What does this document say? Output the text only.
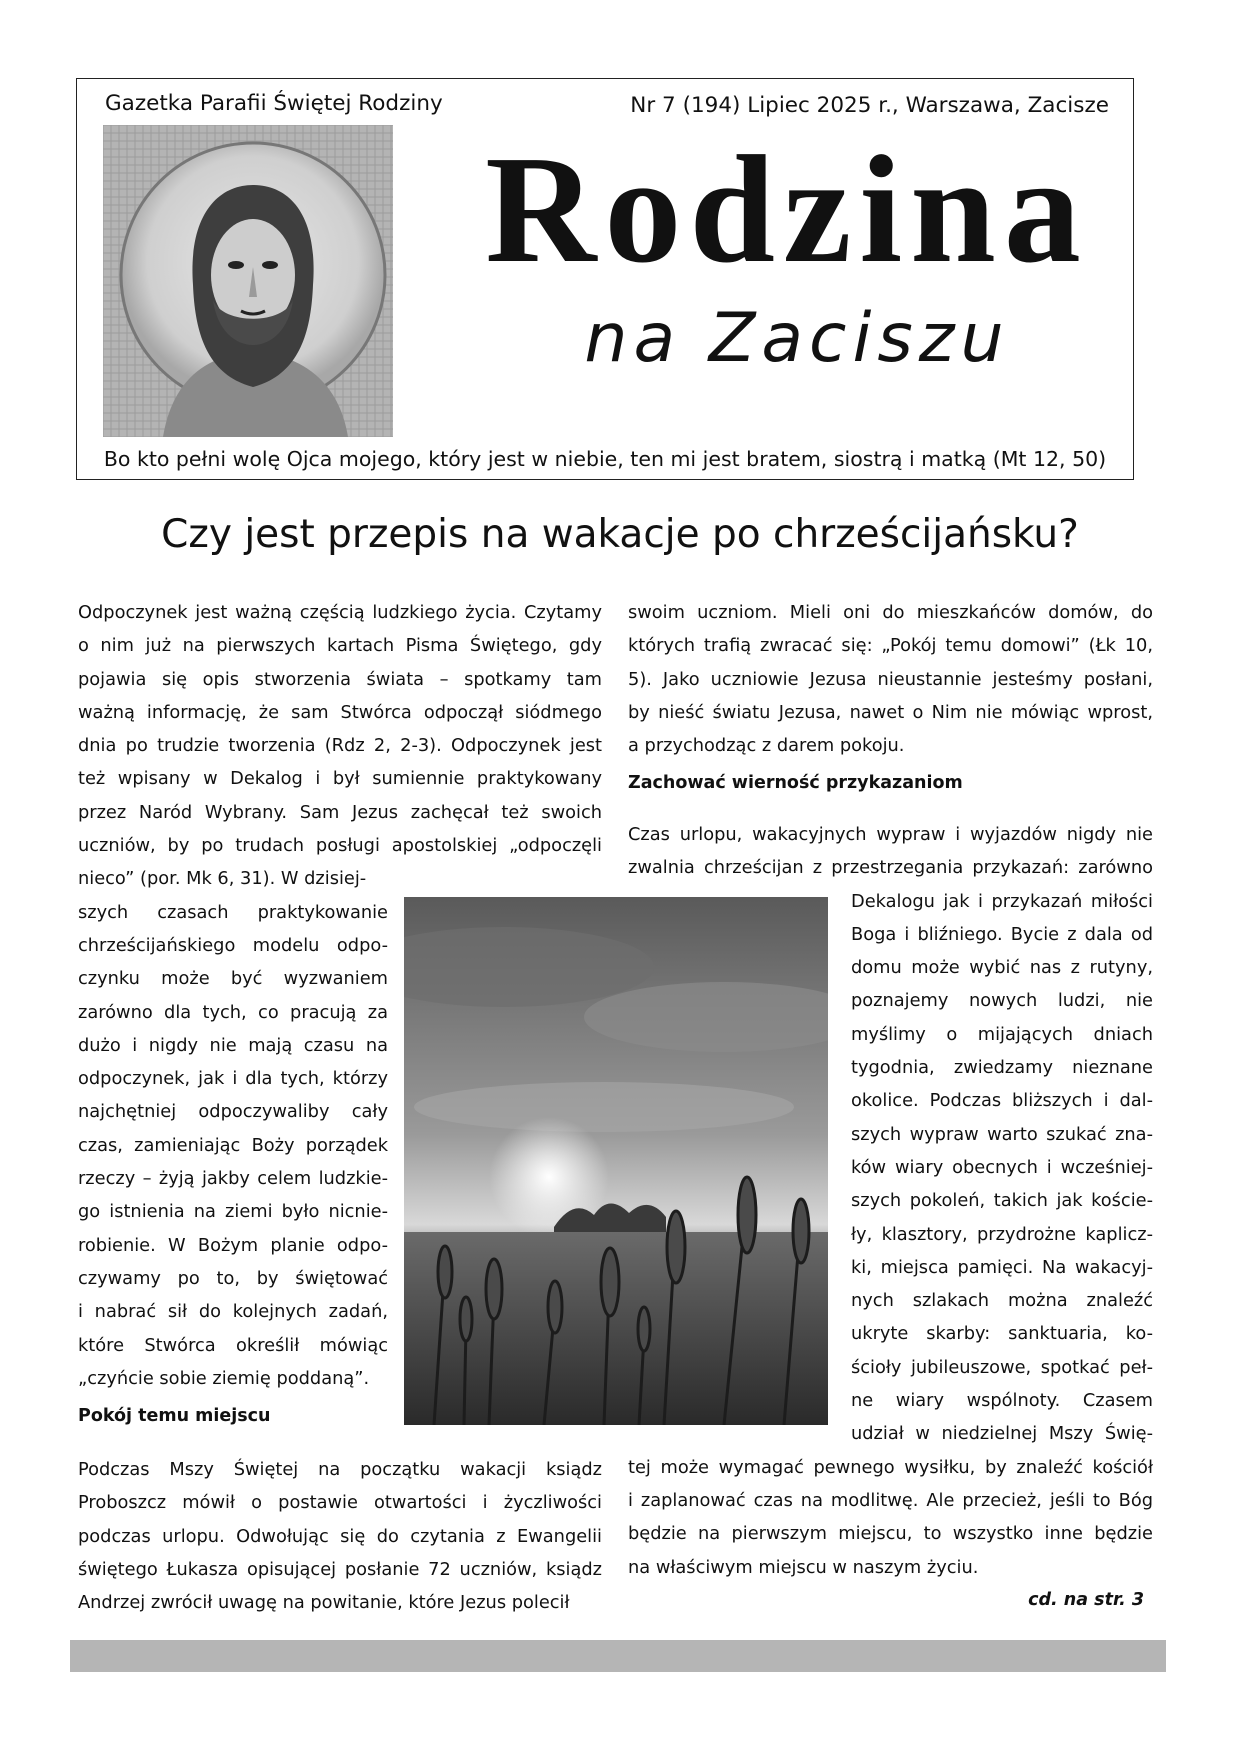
Gazetka Parafii Świętej Rodziny	Nr 7 (194) Lipiec 2025 r., Warszawa, Zacisze
Rodzina
na Zaciszu
Bo kto pełni wolę Ojca mojego, który jest w niebie, ten mi jest bratem, siostrą i matką (Mt 12, 50)
Czy jest przepis na wakacje po chrześcijańsku?
Odpoczynek jest ważną częścią ludzkiego życia. Czytamy
o nim już na pierwszych kartach Pisma Świętego, gdy
pojawia się opis stworzenia świata – spotkamy tam
ważną informację, że sam Stwórca odpoczął siódmego
dnia po trudzie tworzenia (Rdz 2, 2-3). Odpoczynek jest
też wpisany w Dekalog i był sumiennie praktykowany
przez Naród Wybrany. Sam Jezus zachęcał też swoich
uczniów, by po trudach posługi apostolskiej „odpoczęli
nieco” (por. Mk 6, 31). W dzisiej-
szych czasach praktykowanie
chrześcijańskiego modelu odpo-
czynku może być wyzwaniem
zarówno dla tych, co pracują za
dużo i nigdy nie mają czasu na
odpoczynek, jak i dla tych, którzy
najchętniej odpoczywaliby cały
czas, zamieniając Boży porządek
rzeczy – żyją jakby celem ludzkie-
go istnienia na ziemi było nicnie-
robienie. W Bożym planie odpo-
czywamy po to, by świętować
i nabrać sił do kolejnych zadań,
które Stwórca określił mówiąc
„czyńcie sobie ziemię poddaną”.
Pokój temu miejscu
Podczas Mszy Świętej na początku wakacji ksiądz
Proboszcz mówił o postawie otwartości i życzliwości
podczas urlopu. Odwołując się do czytania z Ewangelii
świętego Łukasza opisującej posłanie 72 uczniów, ksiądz
Andrzej zwrócił uwagę na powitanie, które Jezus polecił
swoim uczniom. Mieli oni do mieszkańców domów, do
których trafią zwracać się: „Pokój temu domowi” (Łk 10,
5). Jako uczniowie Jezusa nieustannie jesteśmy posłani,
by nieść światu Jezusa, nawet o Nim nie mówiąc wprost,
a przychodząc z darem pokoju.
Zachować wierność przykazaniom
Czas urlopu, wakacyjnych wypraw i wyjazdów nigdy nie
zwalnia chrześcijan z przestrzegania przykazań: zarówno
Dekalogu jak i przykazań miłości
Boga i bliźniego. Bycie z dala od
domu może wybić nas z rutyny,
poznajemy nowych ludzi, nie
myślimy o mijających dniach
tygodnia, zwiedzamy nieznane
okolice. Podczas bliższych i dal-
szych wypraw warto szukać zna-
ków wiary obecnych i wcześniej-
szych pokoleń, takich jak koście-
ły, klasztory, przydrożne kaplicz-
ki, miejsca pamięci. Na wakacyj-
nych szlakach można znaleźć
ukryte skarby: sanktuaria, ko-
ścioły jubileuszowe, spotkać peł-
ne wiary wspólnoty. Czasem
udział w niedzielnej Mszy Świę-
tej może wymagać pewnego wysiłku, by znaleźć kościół
i zaplanować czas na modlitwę. Ale przecież, jeśli to Bóg
będzie na pierwszym miejscu, to wszystko inne będzie
na właściwym miejscu w naszym życiu.
cd. na str. 3
